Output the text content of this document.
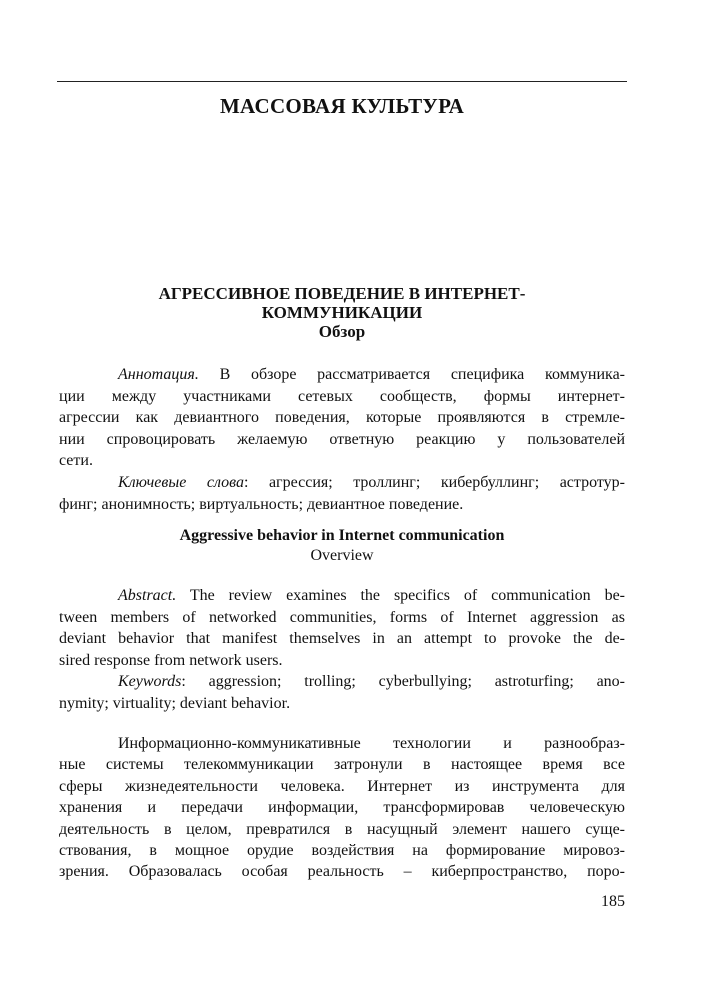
МАССОВАЯ КУЛЬТУРА
АГРЕССИВНОЕ ПОВЕДЕНИЕ В ИНТЕРНЕТ-
КОММУНИКАЦИИ
Обзор
Аннотация. В обзоре рассматривается специфика коммуника-
ции между участниками сетевых сообществ, формы интернет-
агрессии как девиантного поведения, которые проявляются в стремле-
нии спровоцировать желаемую ответную реакцию у пользователей
сети.
Ключевые слова: агрессия; троллинг; кибербуллинг; астротур-
финг; анонимность; виртуальность; девиантное поведение.
Aggressive behavior in Internet communication
Overview
Abstract. The review examines the specifics of communication be-
tween members of networked communities, forms of Internet aggression as
deviant behavior that manifest themselves in an attempt to provoke the de-
sired response from network users.
Keywords: aggression; trolling; cyberbullying; astroturfing; ano-
nymity; virtuality; deviant behavior.
Информационно-коммуникативные технологии и разнообраз-
ные системы телекоммуникации затронули в настоящее время все
сферы жизнедеятельности человека. Интернет из инструмента для
хранения и передачи информации, трансформировав человеческую
деятельность в целом, превратился в насущный элемент нашего суще-
ствования, в мощное орудие воздействия на формирование мировоз-
зрения. Образовалась особая реальность – киберпространство, поро-
185
